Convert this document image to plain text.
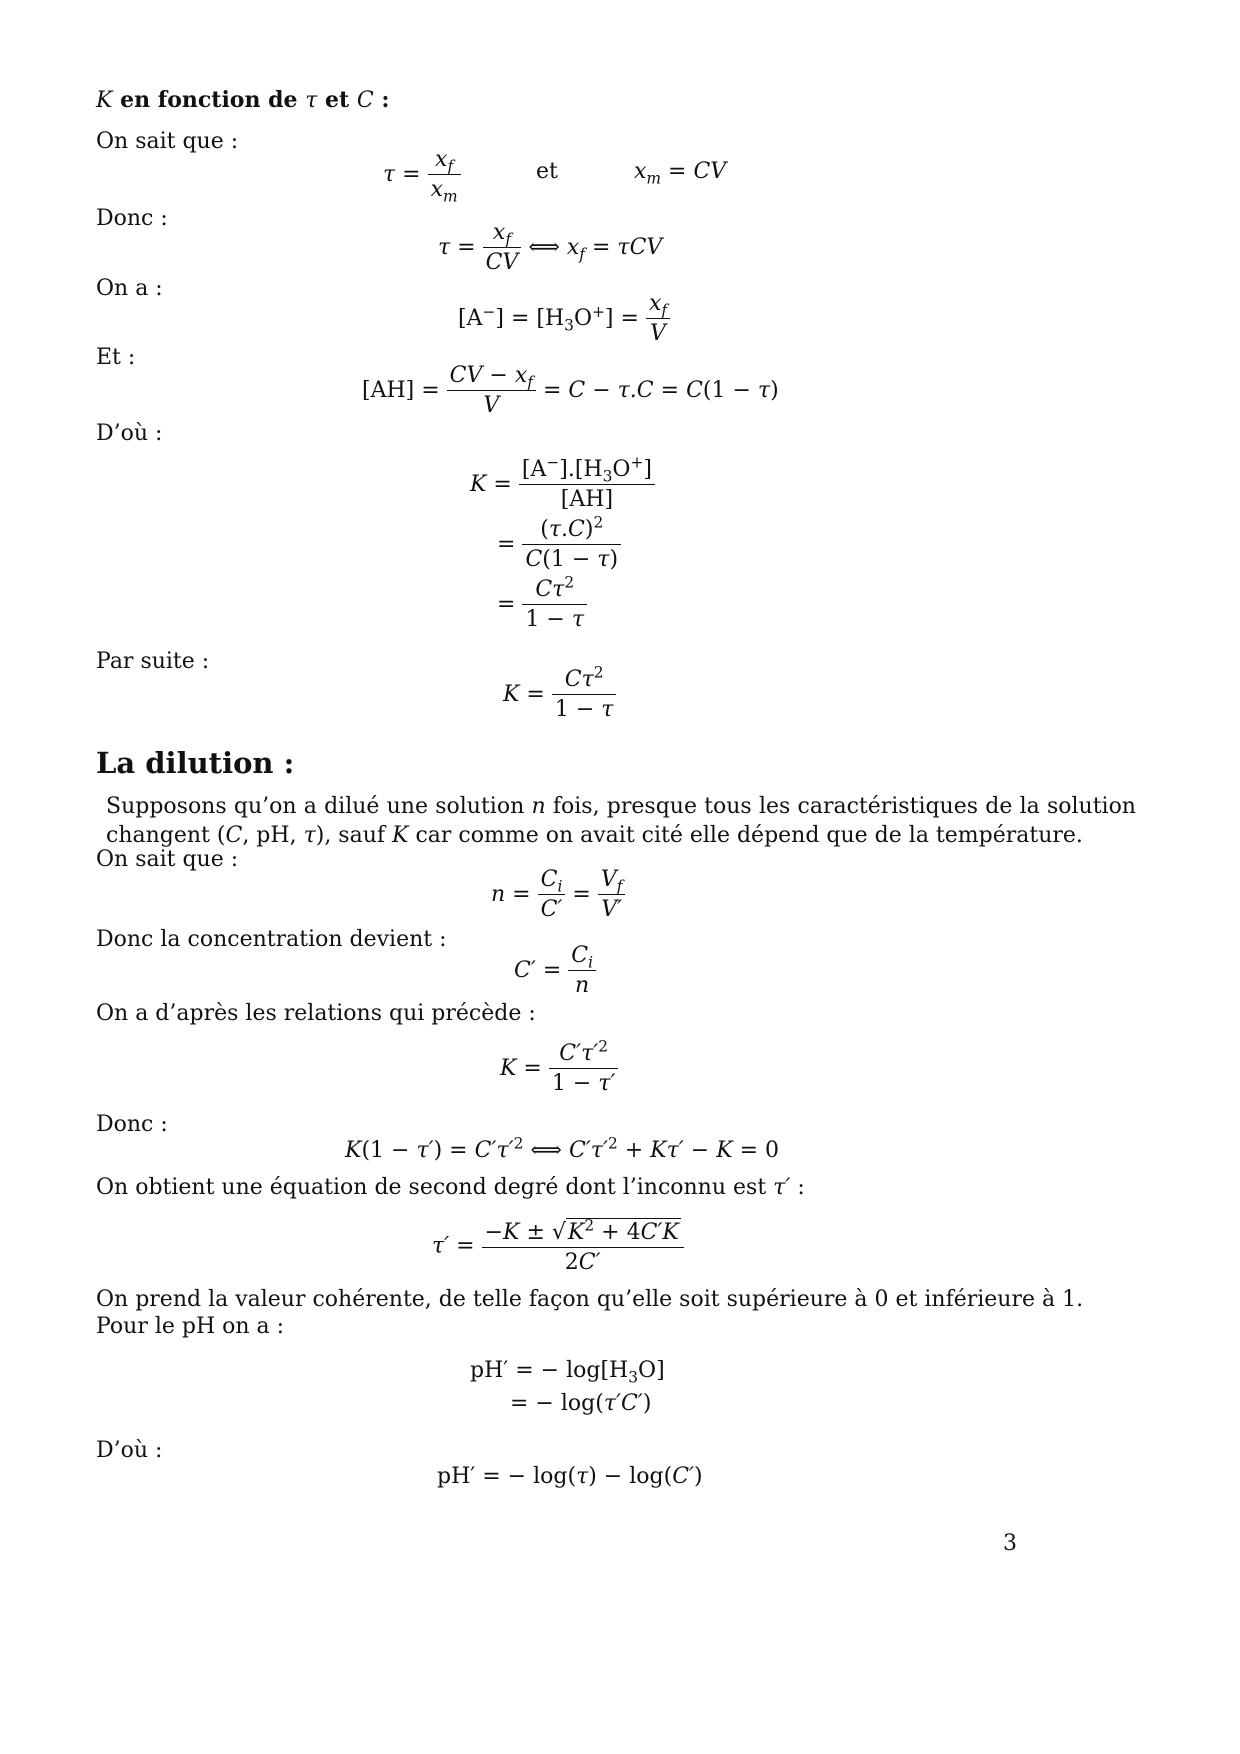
K en fonction de τ et C :
On sait que :
$\tau = \frac{x_f}{x_m}$	et	$x_m$ = CV
Donc :
$\tau = \frac{x_f}{CV}$ ⟺ $x_f = \tau CV$
On a :
$[A^-] = [H_3O^+] = \frac{x_f}{V}$
Et :
$[AH] = \frac{CV - x_f}{V} = C - \tau.C = C(1 - \tau)$
D’où :
$K = \frac{[A^-].[H_3O^+]}{[AH]}$
= $\frac{(\tau.C)^2}{C(1 - \tau)}$
= $\frac{C\tau^2}{1 - \tau}$
Par suite :
$K = \frac{C\tau^2}{1 - \tau}$
La dilution :
Supposons qu’on a dilué une solution n fois, presque tous les caractéristiques de la solution changent (C, pH, τ), sauf K car comme on avait cité elle dépend que de la température.
On sait que :
$n = \frac{C_i}{C'} = \frac{V_f}{V'}$
Donc la concentration devient :
$C' = \frac{C_i}{n}$
On a d’après les relations qui précède :
$K = \frac{C'\tau'^2}{1 - \tau'}$
Donc :
$K(1 - \tau') = C'\tau'^2$ ⟺ $C'\tau'^2 + K\tau' - K = 0$
On obtient une équation de second degré dont l’inconnu est τ′ :
$\tau' = \frac{-K \pm √K^2 + 4C'K}{2C'}$
On prend la valeur cohérente, de telle façon qu’elle soit supérieure à 0 et inférieure à 1.
Pour le pH on a :
pH′ = − $\log[H_3O]$
= − log(τ′C′)
D’où :
pH′ = − log(τ) − log(C′)
3
